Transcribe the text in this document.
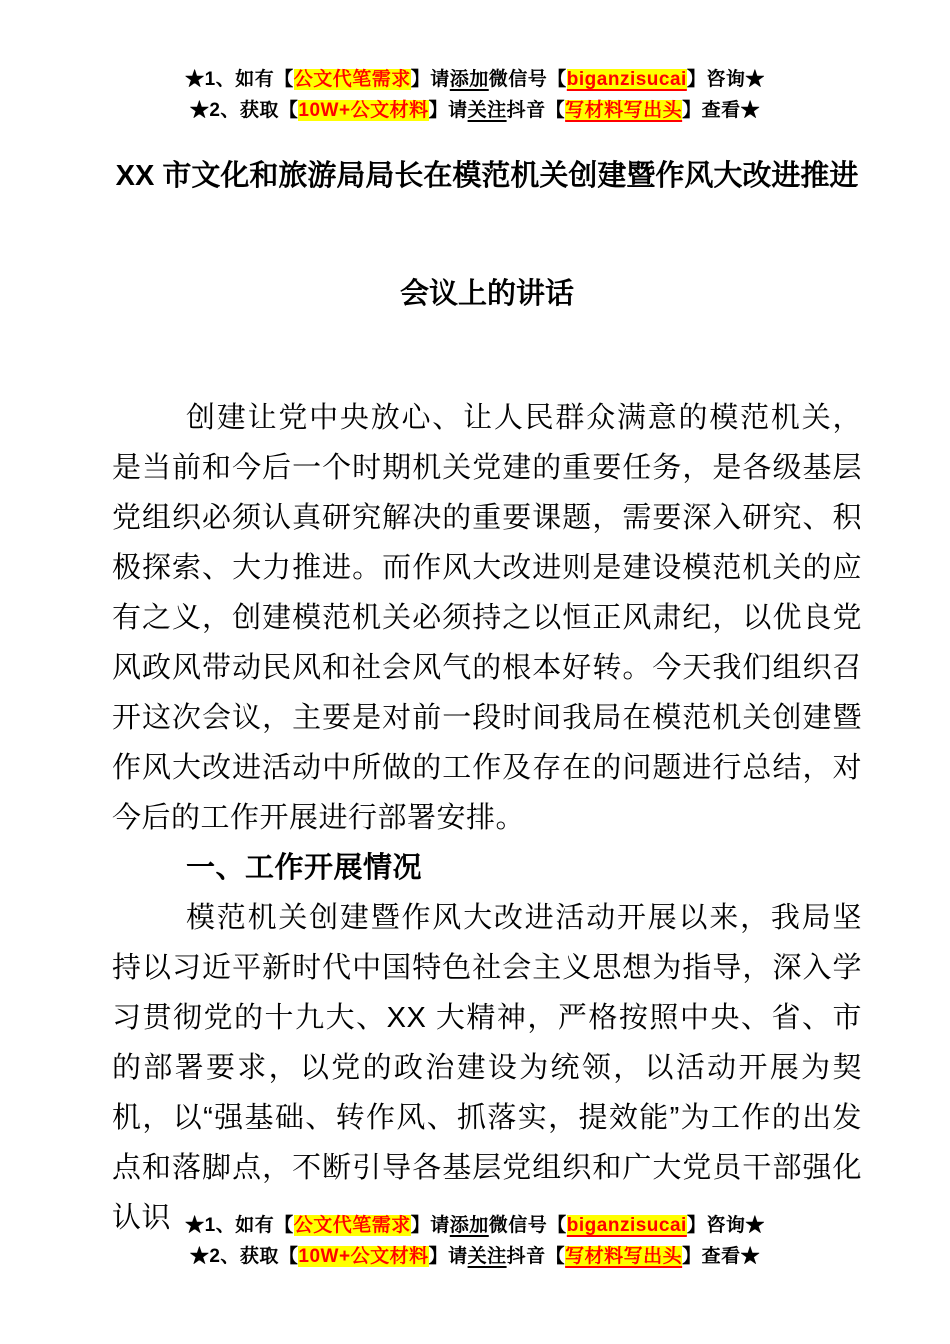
★1、如有【公文代笔需求】请添加微信号【biganzisucai】咨询★
★2、获取【10W+公文材料】请关注抖音【写材料写出头】查看★
XX 市文化和旅游局局长在模范机关创建暨作风大改进推进
会议上的讲话

创建让党中央放心、让人民群众满意的模范机关，是当前和今后一个时期机关党建的重要任务，是各级基层党组织必须认真研究解决的重要课题，需要深入研究、积极探索、大力推进。而作风大改进则是建设模范机关的应有之义，创建模范机关必须持之以恒正风肃纪，以优良党风政风带动民风和社会风气的根本好转。今天我们组织召开这次会议，主要是对前一段时间我局在模范机关创建暨作风大改进活动中所做的工作及存在的问题进行总结，对今后的工作开展进行部署安排。

一、工作开展情况

模范机关创建暨作风大改进活动开展以来，我局坚持以习近平新时代中国特色社会主义思想为指导，深入学习贯彻党的十九大、XX 大精神，严格按照中央、省、市的部署要求，以党的政治建设为统领，以活动开展为契机，以“强基础、转作风、抓落实，提效能”为工作的出发点和落脚点，不断引导各基层党组织和广大党员干部强化认识 ★1、如有【公文代笔需求】请添加微信号【biganzisucai】咨询★
★2、获取【10W+公文材料】请关注抖音【写材料写出头】查看★
